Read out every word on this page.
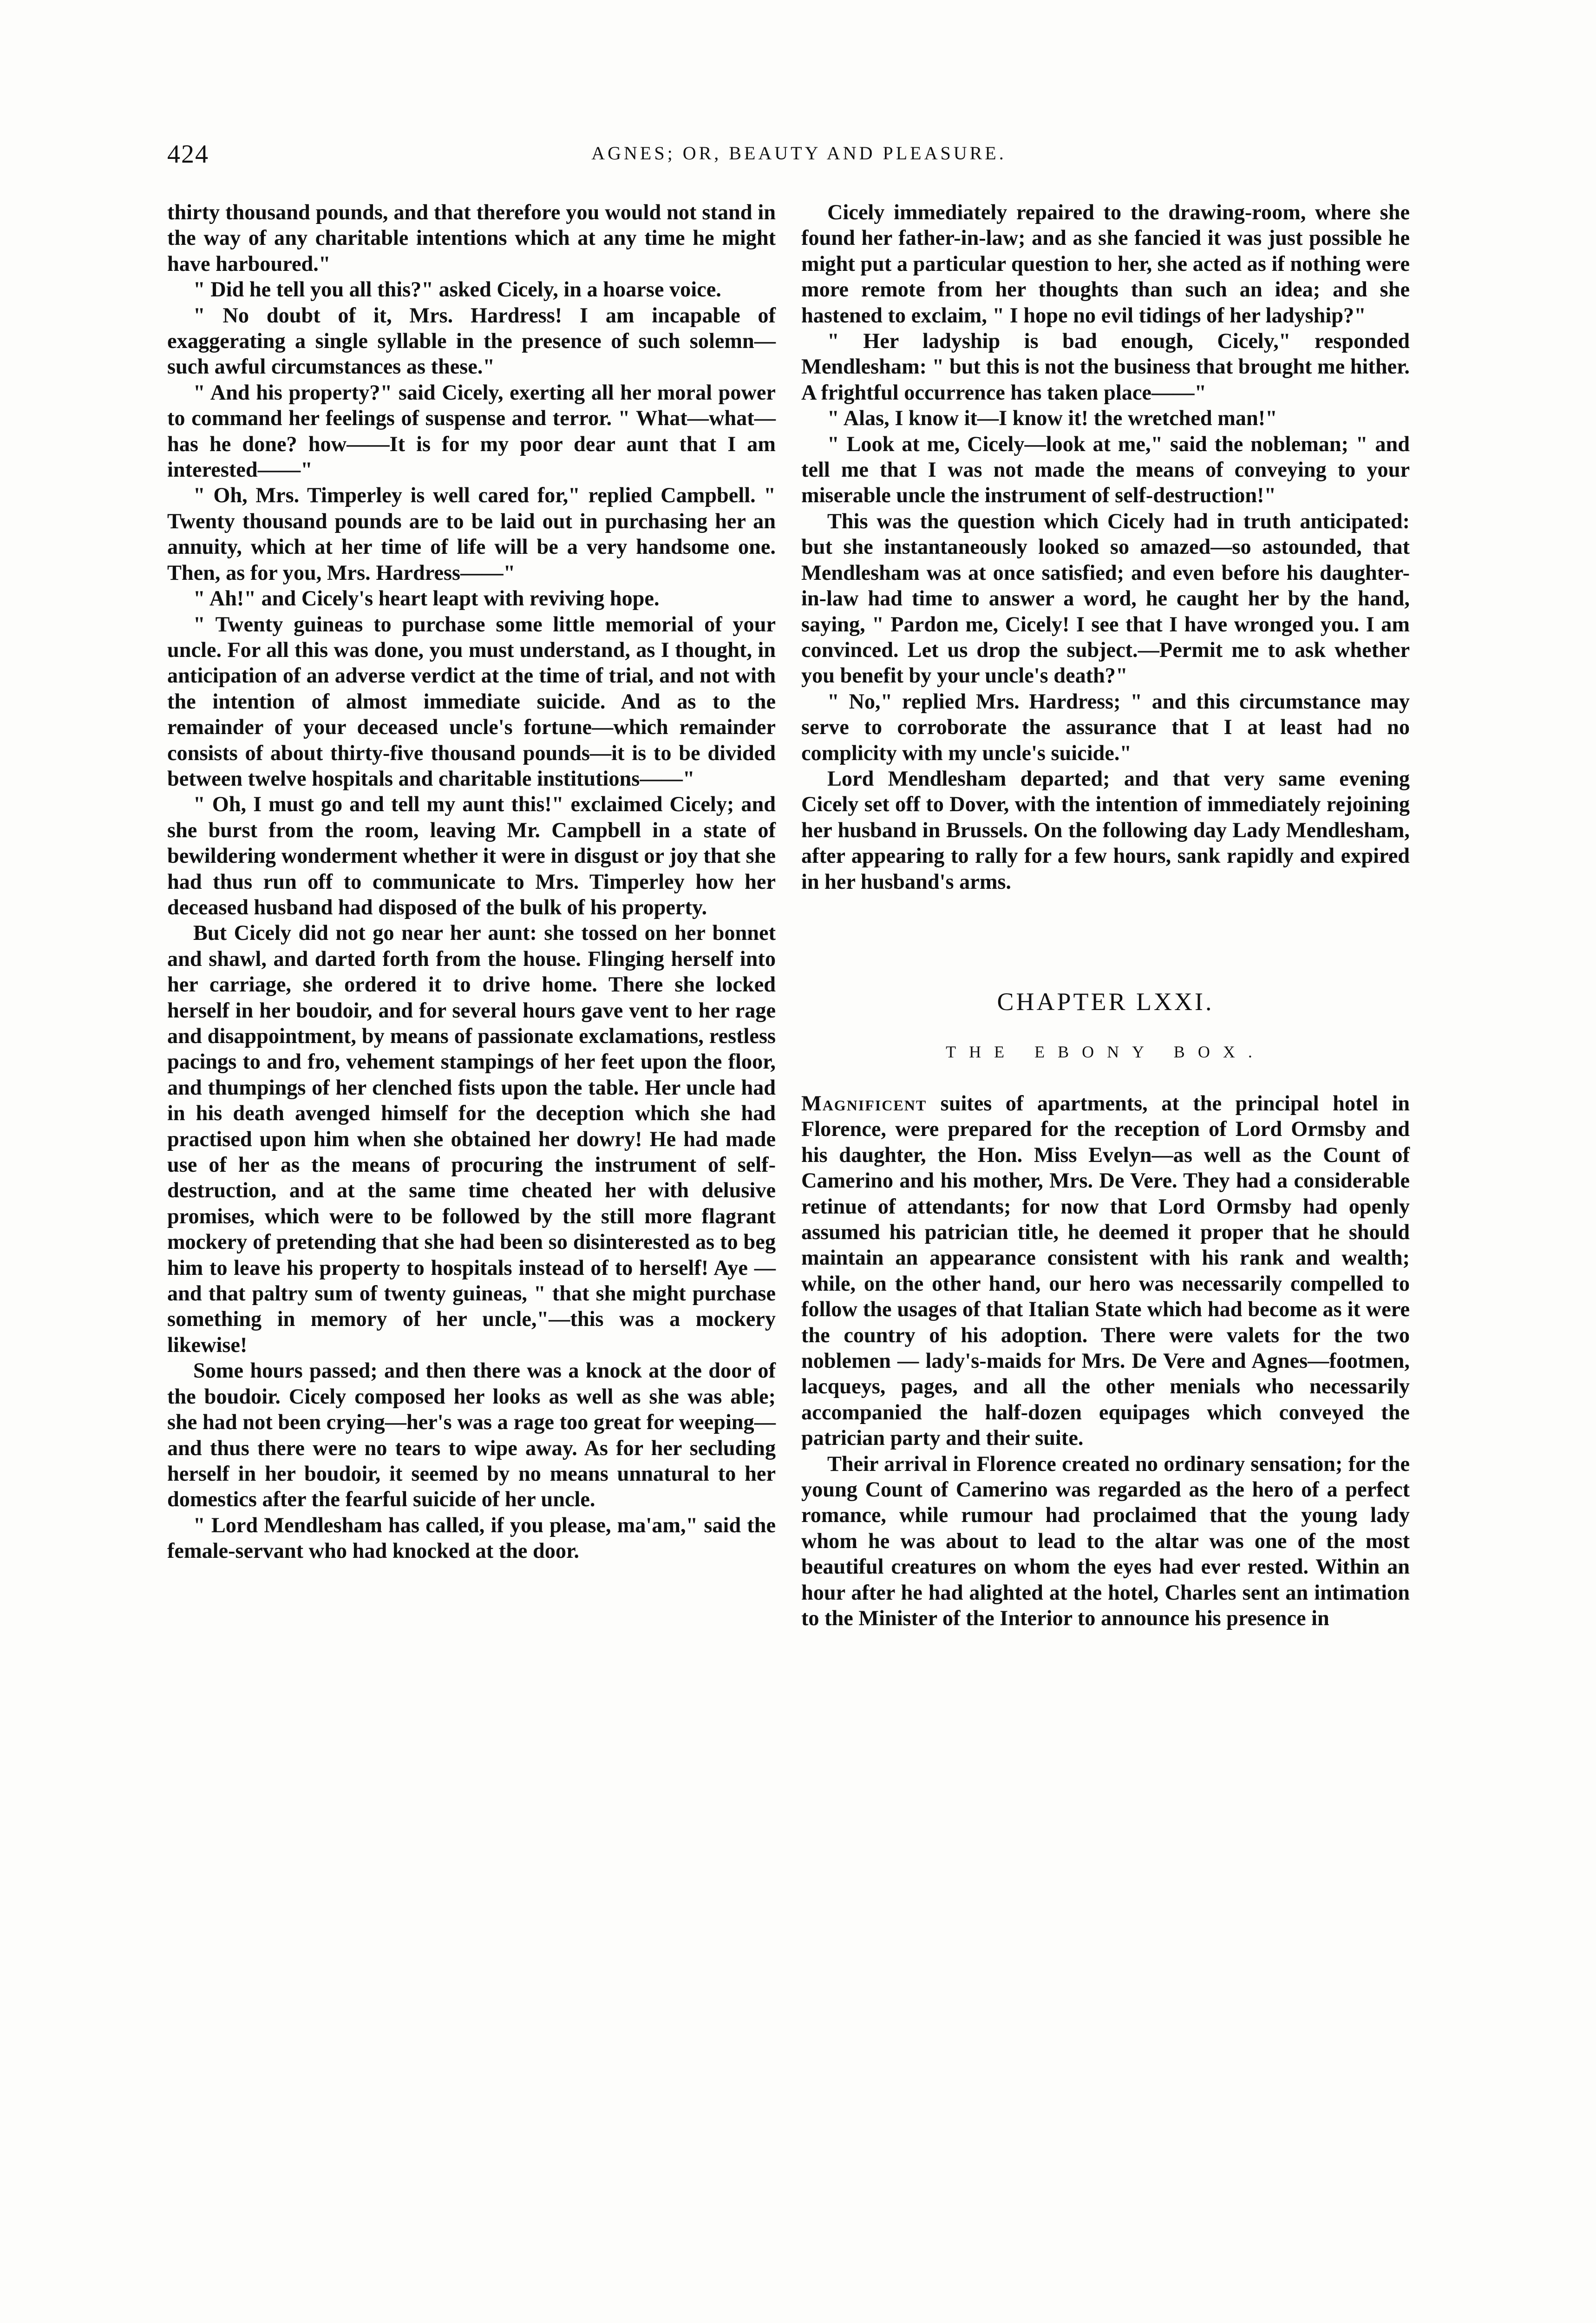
424	AGNES; OR, BEAUTY AND PLEASURE.

thirty thousand pounds, and that therefore you would not stand in the way of any charitable intentions which at any time he might have harboured."

" Did he tell you all this?" asked Cicely, in a hoarse voice.

" No doubt of it, Mrs. Hardress! I am incapable of exaggerating a single syllable in the presence of such solemn—such awful circumstances as these."

" And his property?" said Cicely, exerting all her moral power to command her feelings of suspense and terror. " What—what—has he done? how——It is for my poor dear aunt that I am interested——"

" Oh, Mrs. Timperley is well cared for," replied Campbell. " Twenty thousand pounds are to be laid out in purchasing her an annuity, which at her time of life will be a very handsome one. Then, as for you, Mrs. Hardress——"

" Ah!" and Cicely's heart leapt with reviving hope.

" Twenty guineas to purchase some little memorial of your uncle. For all this was done, you must understand, as I thought, in anticipation of an adverse verdict at the time of trial, and not with the intention of almost immediate suicide. And as to the remainder of your deceased uncle's fortune—which remainder consists of about thirty-five thousand pounds—it is to be divided between twelve hospitals and charitable institutions——"

" Oh, I must go and tell my aunt this!" exclaimed Cicely; and she burst from the room, leaving Mr. Campbell in a state of bewildering wonderment whether it were in disgust or joy that she had thus run off to communicate to Mrs. Timperley how her deceased husband had disposed of the bulk of his property.

But Cicely did not go near her aunt: she tossed on her bonnet and shawl, and darted forth from the house. Flinging herself into her carriage, she ordered it to drive home. There she locked herself in her boudoir, and for several hours gave vent to her rage and disappointment, by means of passionate exclamations, restless pacings to and fro, vehement stampings of her feet upon the floor, and thumpings of her clenched fists upon the table. Her uncle had in his death avenged himself for the deception which she had practised upon him when she obtained her dowry! He had made use of her as the means of procuring the instrument of self-destruction, and at the same time cheated her with delusive promises, which were to be followed by the still more flagrant mockery of pretending that she had been so disinterested as to beg him to leave his property to hospitals instead of to herself! Aye — and that paltry sum of twenty guineas, " that she might purchase something in memory of her uncle,"—this was a mockery likewise!

Some hours passed; and then there was a knock at the door of the boudoir. Cicely composed her looks as well as she was able; she had not been crying—her's was a rage too great for weeping—and thus there were no tears to wipe away. As for her secluding herself in her boudoir, it seemed by no means unnatural to her domestics after the fearful suicide of her uncle.

" Lord Mendlesham has called, if you please, ma'am," said the female-servant who had knocked at the door.

Cicely immediately repaired to the drawing-room, where she found her father-in-law; and as she fancied it was just possible he might put a particular question to her, she acted as if nothing were more remote from her thoughts than such an idea; and she hastened to exclaim, " I hope no evil tidings of her ladyship?"

" Her ladyship is bad enough, Cicely," responded Mendlesham: " but this is not the business that brought me hither. A frightful occurrence has taken place——"

" Alas, I know it—I know it! the wretched man!"

" Look at me, Cicely—look at me," said the nobleman; " and tell me that I was not made the means of conveying to your miserable uncle the instrument of self-destruction!"

This was the question which Cicely had in truth anticipated: but she instantaneously looked so amazed—so astounded, that Mendlesham was at once satisfied; and even before his daughter-in-law had time to answer a word, he caught her by the hand, saying, " Pardon me, Cicely! I see that I have wronged you. I am convinced. Let us drop the subject.—Permit me to ask whether you benefit by your uncle's death?"

" No," replied Mrs. Hardress; " and this circumstance may serve to corroborate the assurance that I at least had no complicity with my uncle's suicide."

Lord Mendlesham departed; and that very same evening Cicely set off to Dover, with the intention of immediately rejoining her husband in Brussels. On the following day Lady Mendlesham, after appearing to rally for a few hours, sank rapidly and expired in her husband's arms.

CHAPTER LXXI.
THE EBONY BOX.

Magnificent suites of apartments, at the principal hotel in Florence, were prepared for the reception of Lord Ormsby and his daughter, the Hon. Miss Evelyn—as well as the Count of Camerino and his mother, Mrs. De Vere. They had a considerable retinue of attendants; for now that Lord Ormsby had openly assumed his patrician title, he deemed it proper that he should maintain an appearance consistent with his rank and wealth; while, on the other hand, our hero was necessarily compelled to follow the usages of that Italian State which had become as it were the country of his adoption. There were valets for the two noblemen — lady's-maids for Mrs. De Vere and Agnes—footmen, lacqueys, pages, and all the other menials who necessarily accompanied the half-dozen equipages which conveyed the patrician party and their suite.

Their arrival in Florence created no ordinary sensation; for the young Count of Camerino was regarded as the hero of a perfect romance, while rumour had proclaimed that the young lady whom he was about to lead to the altar was one of the most beautiful creatures on whom the eyes had ever rested. Within an hour after he had alighted at the hotel, Charles sent an intimation to the Minister of the Interior to announce his presence in
